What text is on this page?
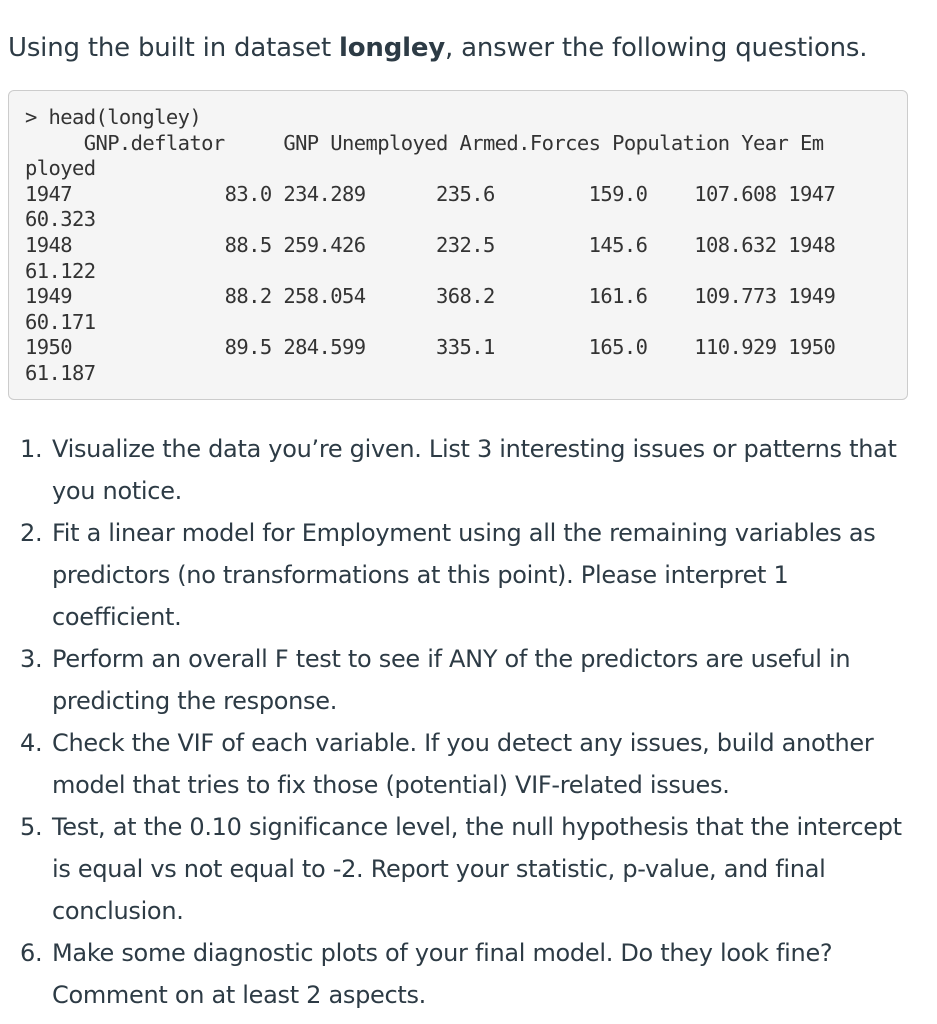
Using the built in dataset longley, answer the following questions.
> head(longley)
GNP.deflator     GNP Unemployed Armed.Forces Population Year Em
ployed
1947             83.0 234.289      235.6        159.0    107.608 1947
60.323
1948             88.5 259.426      232.5        145.6    108.632 1948
61.122
1949             88.2 258.054      368.2        161.6    109.773 1949
60.171
1950             89.5 284.599      335.1        165.0    110.929 1950
61.187
1. Visualize the data you’re given. List 3 interesting issues or patterns that you notice.
2. Fit a linear model for Employment using all the remaining variables as predictors (no transformations at this point). Please interpret 1 coefficient.
3. Perform an overall F test to see if ANY of the predictors are useful in predicting the response.
4. Check the VIF of each variable. If you detect any issues, build another model that tries to fix those (potential) VIF-related issues.
5. Test, at the 0.10 significance level, the null hypothesis that the intercept is equal vs not equal to -2. Report your statistic, p-value, and final conclusion.
6. Make some diagnostic plots of your final model. Do they look fine? Comment on at least 2 aspects.
